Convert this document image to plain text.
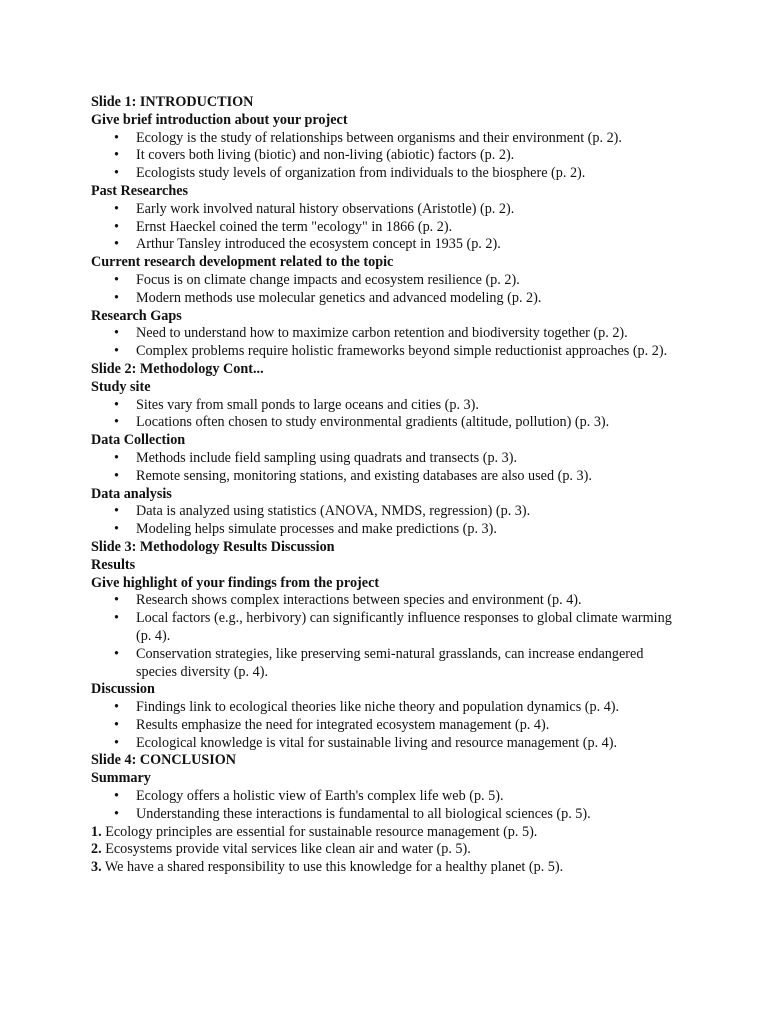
Slide 1: INTRODUCTION
Give brief introduction about your project
• Ecology is the study of relationships between organisms and their environment (p. 2).
• It covers both living (biotic) and non-living (abiotic) factors (p. 2).
• Ecologists study levels of organization from individuals to the biosphere (p. 2).
Past Researches
• Early work involved natural history observations (Aristotle) (p. 2).
• Ernst Haeckel coined the term "ecology" in 1866 (p. 2).
• Arthur Tansley introduced the ecosystem concept in 1935 (p. 2).
Current research development related to the topic
• Focus is on climate change impacts and ecosystem resilience (p. 2).
• Modern methods use molecular genetics and advanced modeling (p. 2).
Research Gaps
• Need to understand how to maximize carbon retention and biodiversity together (p. 2).
• Complex problems require holistic frameworks beyond simple reductionist approaches (p. 2).
Slide 2: Methodology Cont...
Study site
• Sites vary from small ponds to large oceans and cities (p. 3).
• Locations often chosen to study environmental gradients (altitude, pollution) (p. 3).
Data Collection
• Methods include field sampling using quadrats and transects (p. 3).
• Remote sensing, monitoring stations, and existing databases are also used (p. 3).
Data analysis
• Data is analyzed using statistics (ANOVA, NMDS, regression) (p. 3).
• Modeling helps simulate processes and make predictions (p. 3).
Slide 3: Methodology Results Discussion
Results
Give highlight of your findings from the project
• Research shows complex interactions between species and environment (p. 4).
• Local factors (e.g., herbivory) can significantly influence responses to global climate warming (p. 4).
• Conservation strategies, like preserving semi-natural grasslands, can increase endangered species diversity (p. 4).
Discussion
• Findings link to ecological theories like niche theory and population dynamics (p. 4).
• Results emphasize the need for integrated ecosystem management (p. 4).
• Ecological knowledge is vital for sustainable living and resource management (p. 4).
Slide 4: CONCLUSION
Summary
• Ecology offers a holistic view of Earth's complex life web (p. 5).
• Understanding these interactions is fundamental to all biological sciences (p. 5).
1. Ecology principles are essential for sustainable resource management (p. 5).
2. Ecosystems provide vital services like clean air and water (p. 5).
3. We have a shared responsibility to use this knowledge for a healthy planet (p. 5).
